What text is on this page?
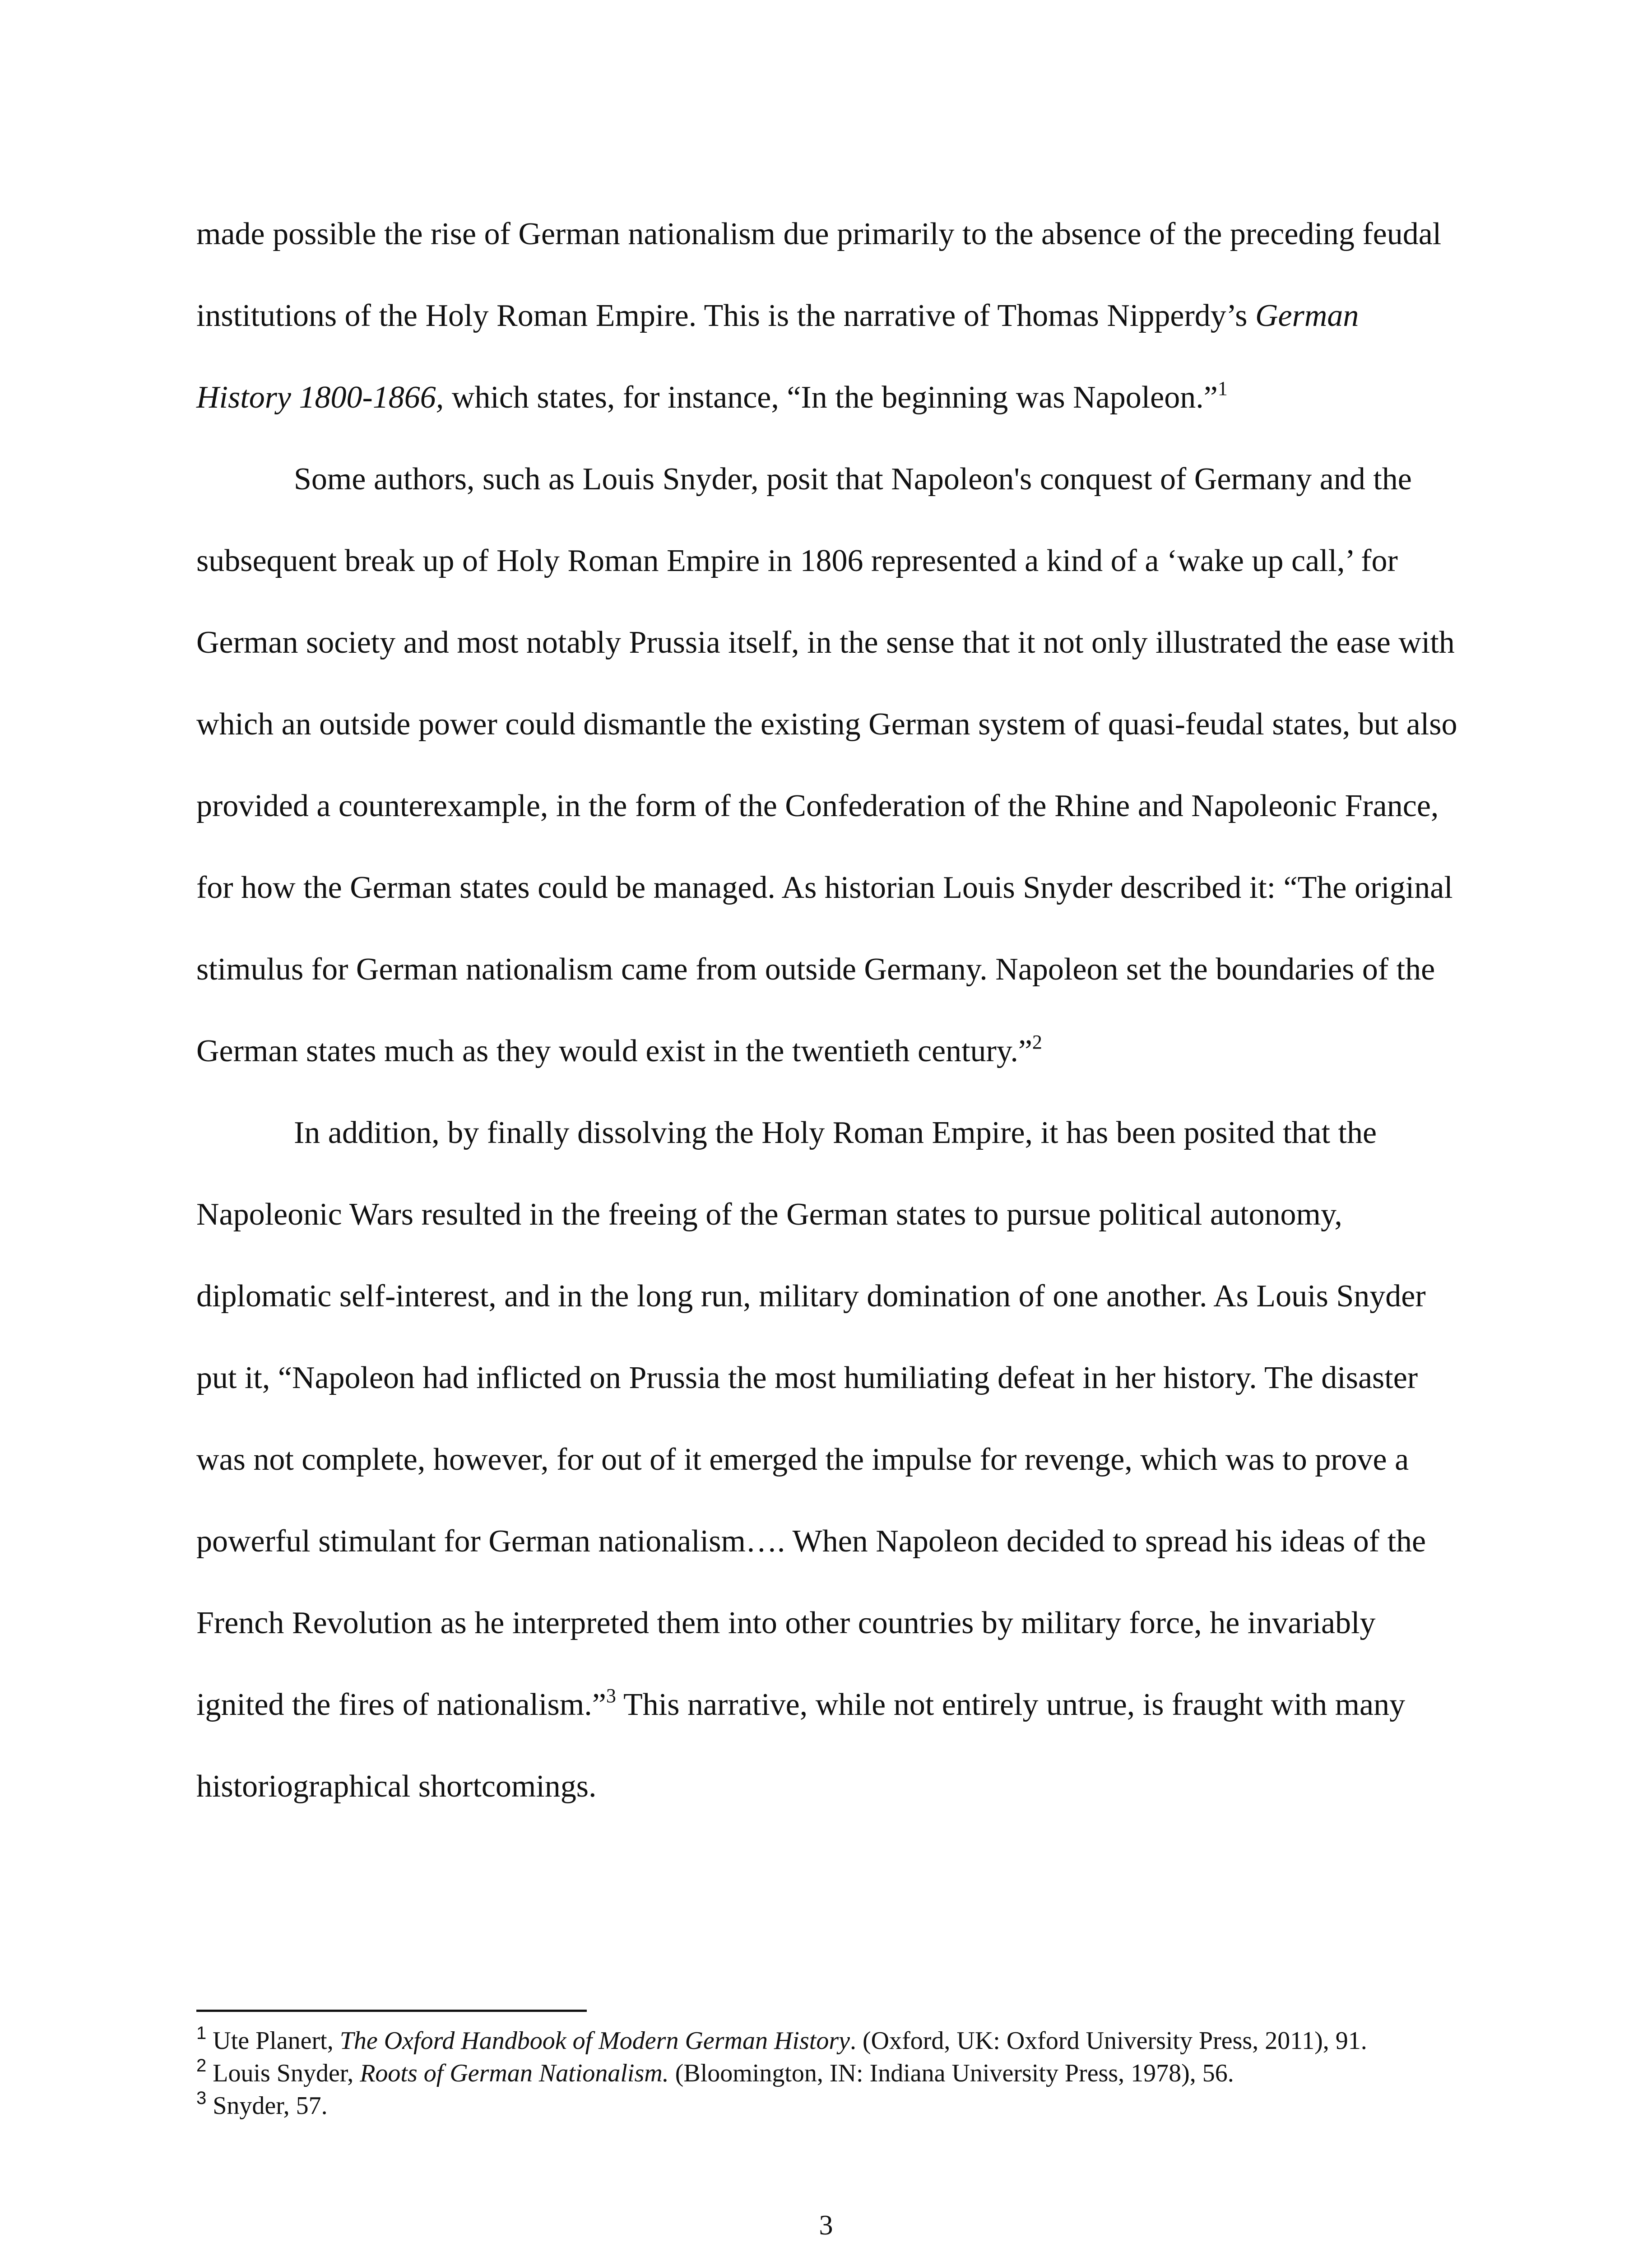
made possible the rise of German nationalism due primarily to the absence of the preceding feudal institutions of the Holy Roman Empire. This is the narrative of Thomas Nipperdy’s German History 1800-1866, which states, for instance, “In the beginning was Napoleon.”$^1$

Some authors, such as Louis Snyder, posit that Napoleon's conquest of Germany and the subsequent break up of Holy Roman Empire in 1806 represented a kind of a ‘wake up call,’ for German society and most notably Prussia itself, in the sense that it not only illustrated the ease with which an outside power could dismantle the existing German system of quasi-feudal states, but also provided a counterexample, in the form of the Confederation of the Rhine and Napoleonic France, for how the German states could be managed. As historian Louis Snyder described it: “The original stimulus for German nationalism came from outside Germany. Napoleon set the boundaries of the German states much as they would exist in the twentieth century.”$^2$

In addition, by finally dissolving the Holy Roman Empire, it has been posited that the Napoleonic Wars resulted in the freeing of the German states to pursue political autonomy, diplomatic self-interest, and in the long run, military domination of one another. As Louis Snyder put it, “Napoleon had inflicted on Prussia the most humiliating defeat in her history. The disaster was not complete, however, for out of it emerged the impulse for revenge, which was to prove a powerful stimulant for German nationalism…. When Napoleon decided to spread his ideas of the French Revolution as he interpreted them into other countries by military force, he invariably ignited the fires of nationalism.”$^3$ This narrative, while not entirely untrue, is fraught with many historiographical shortcomings.

$^1$ Ute Planert, The Oxford Handbook of Modern German History. (Oxford, UK: Oxford University Press, 2011), 91.

$^2$ Louis Snyder, Roots of German Nationalism. (Bloomington, IN: Indiana University Press, 1978), 56.

$^3$ Snyder, 57.

3
